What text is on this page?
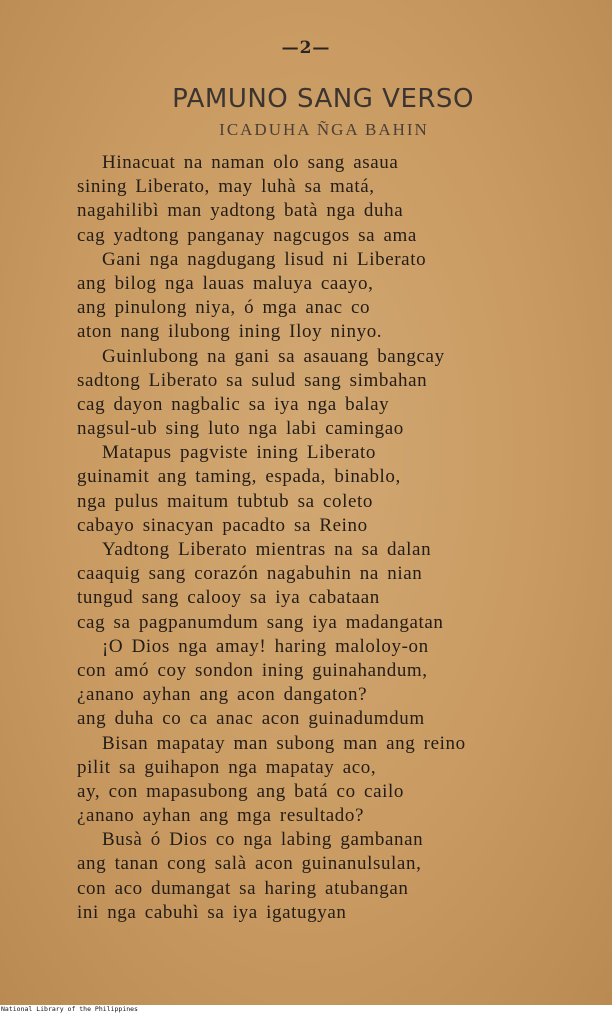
—2—
PAMUNO SANG VERSO
ICADUHA ÑGA BAHIN
Hinacuat na naman olo sang asaua
sining Liberato, may luhà sa matá,
nagahilibì man yadtong batà nga duha
cag yadtong panganay nagcugos sa ama
Gani nga nagdugang lisud ni Liberato
ang bilog nga lauas maluya caayo,
ang pinulong niya, ó mga anac co
aton nang ilubong ining Iloy ninyo.
Guinlubong na gani sa asauang bangcay
sadtong Liberato sa sulud sang simbahan
cag dayon nagbalic sa iya nga balay
nagsul-ub sing luto nga labi camingao
Matapus pagviste ining Liberato
guinamit ang taming, espada, binablo,
nga pulus maitum tubtub sa coleto
cabayo sinacyan pacadto sa Reino
Yadtong Liberato mientras na sa dalan
caaquig sang corazón nagabuhin na nian
tungud sang calooy sa iya cabataan
cag sa pagpanumdum sang iya madangatan
¡O Dios nga amay! haring maloloy-on
con amó coy sondon ining guinahandum,
¿anano ayhan ang acon dangaton?
ang duha co ca anac acon guinadumdum
Bisan mapatay man subong man ang reino
pilit sa guihapon nga mapatay aco,
ay, con mapasubong ang batá co cailo
¿anano ayhan ang mga resultado?
Busà ó Dios co nga labing gambanan
ang tanan cong salà acon guinanulsulan,
con aco dumangat sa haring atubangan
ini nga cabuhì sa iya igatugyan
National Library of the Philippines
